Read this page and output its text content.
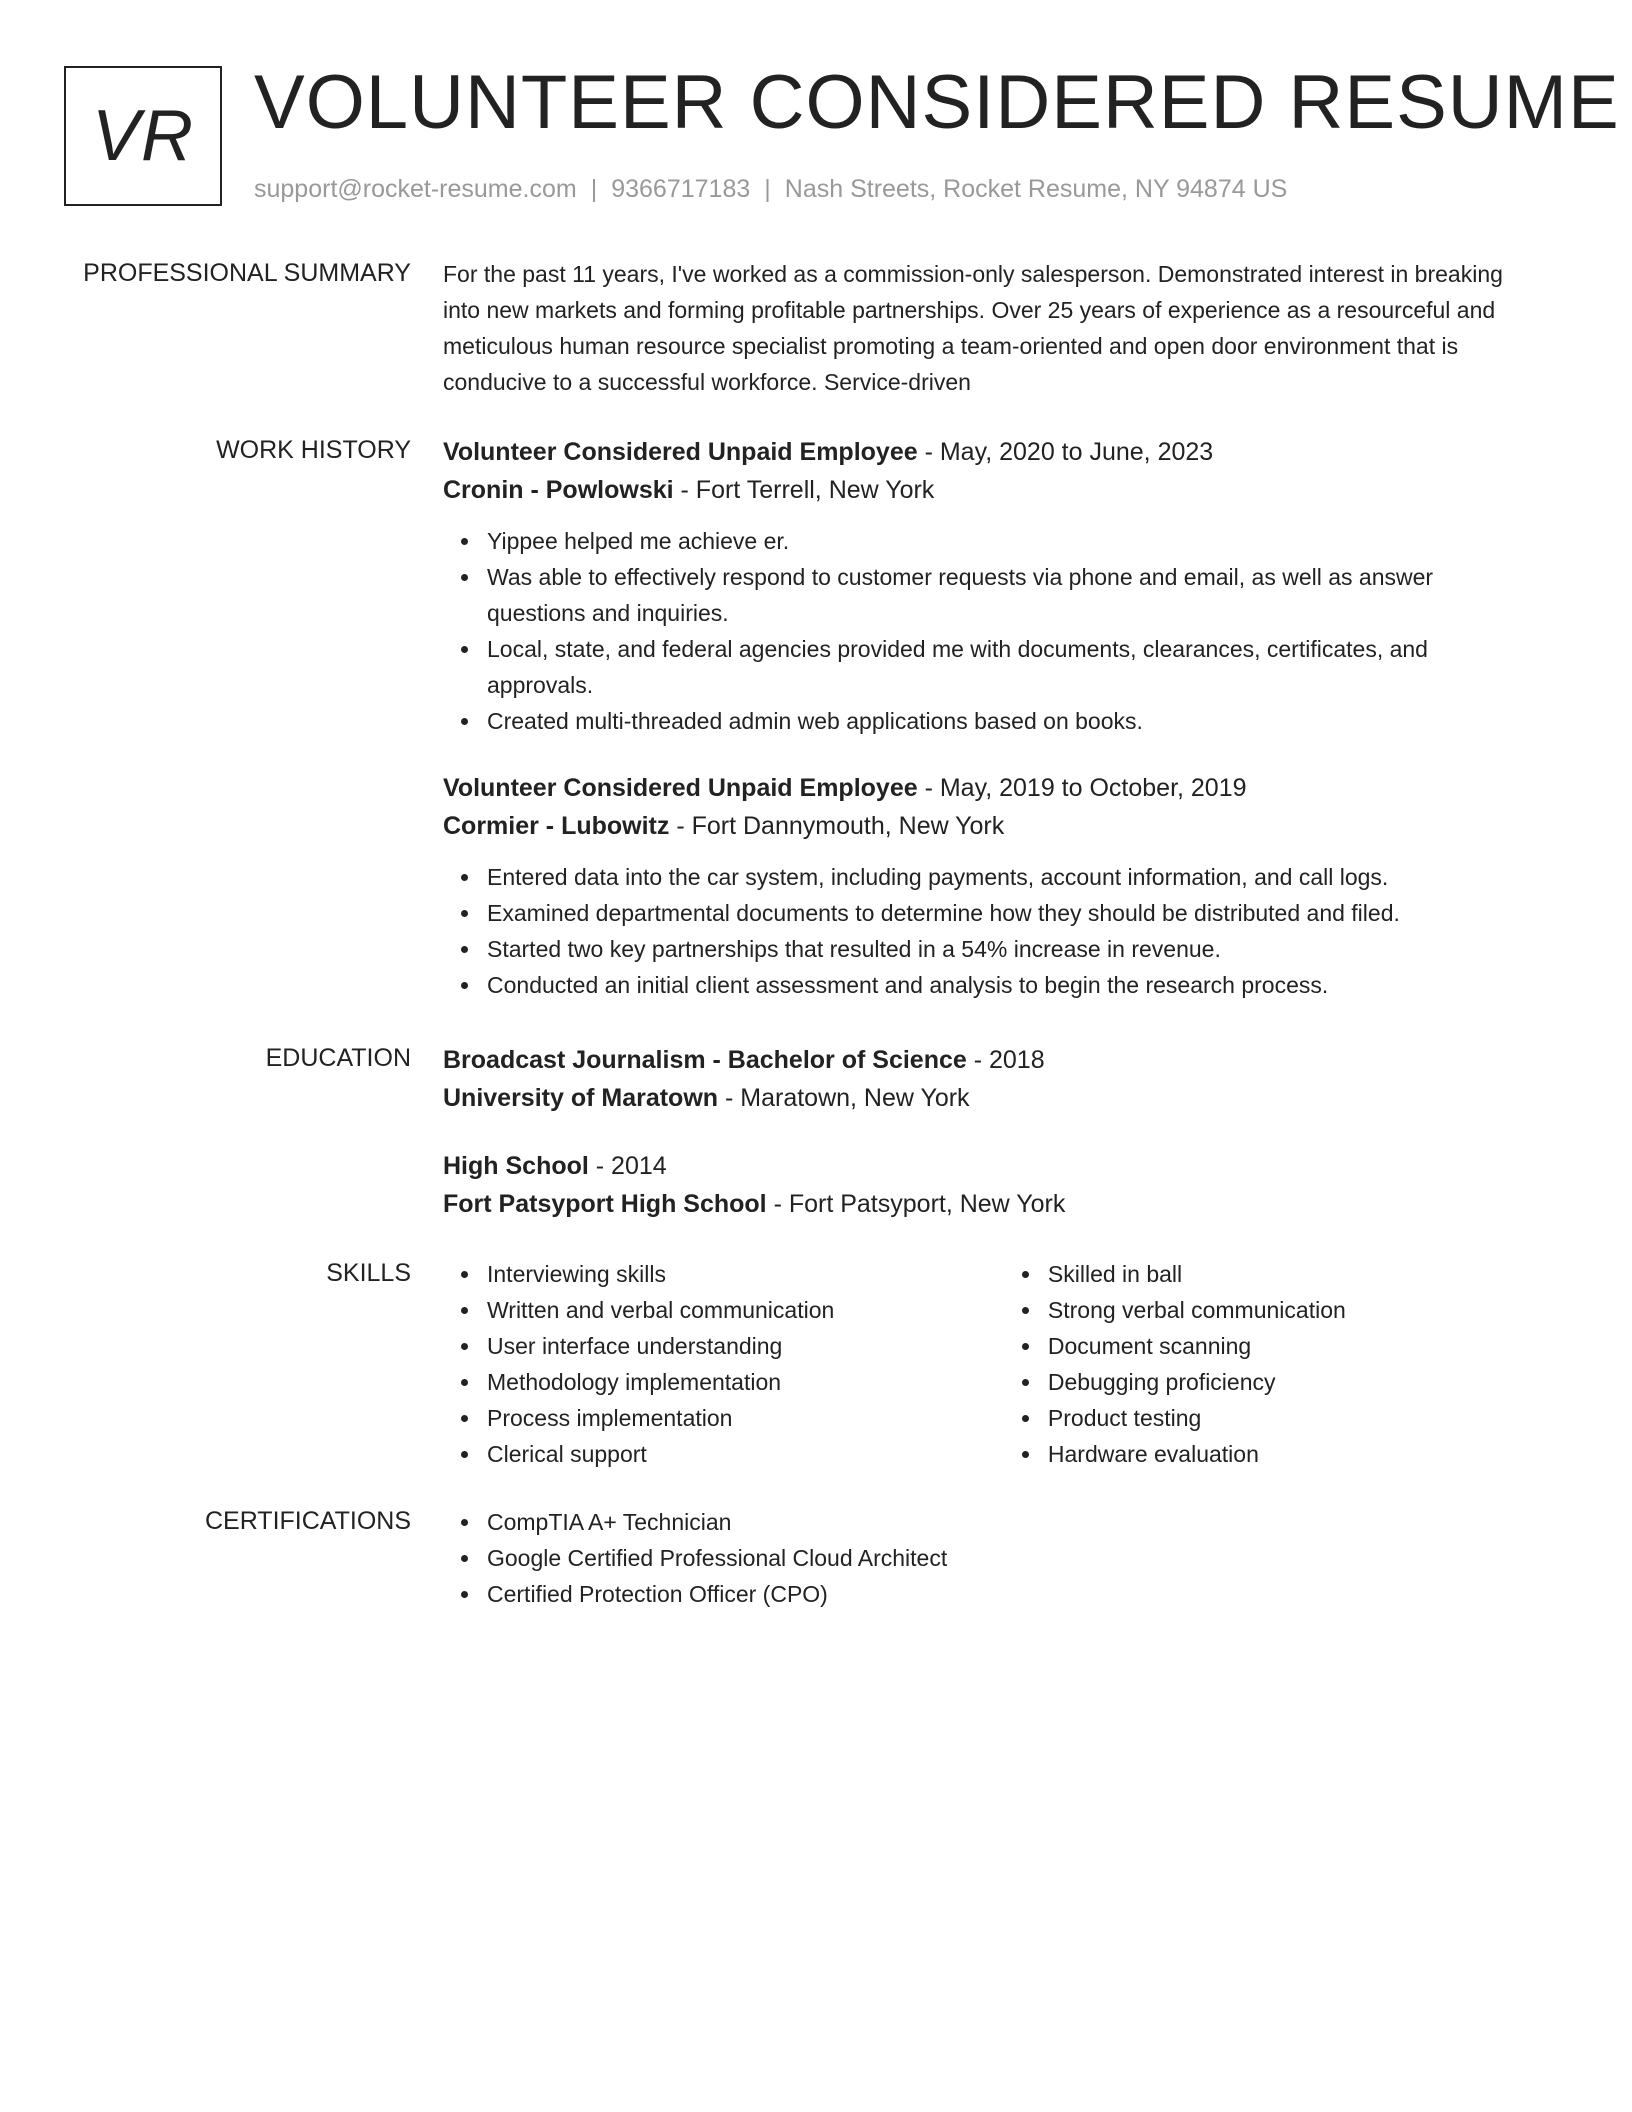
VR VOLUNTEER CONSIDERED RESUME
support@rocket-resume.com | 9366717183 | Nash Streets, Rocket Resume, NY 94874 US
PROFESSIONAL SUMMARY For the past 11 years, I've worked as a commission-only salesperson. Demonstrated interest in breaking into new markets and forming profitable partnerships. Over 25 years of experience as a resourceful and meticulous human resource specialist promoting a team-oriented and open door environment that is conducive to a successful workforce. Service-driven

WORK HISTORY Volunteer Considered Unpaid Employee - May, 2020 to June, 2023
Cronin - Powlowski - Fort Terrell, New York
Yippee helped me achieve er.
Was able to effectively respond to customer requests via phone and email, as well as answer questions and inquiries.
Local, state, and federal agencies provided me with documents, clearances, certificates, and approvals.
Created multi-threaded admin web applications based on books.
Volunteer Considered Unpaid Employee - May, 2019 to October, 2019
Cormier - Lubowitz - Fort Dannymouth, New York
Entered data into the car system, including payments, account information, and call logs.
Examined departmental documents to determine how they should be distributed and filed.
Started two key partnerships that resulted in a 54% increase in revenue.
Conducted an initial client assessment and analysis to begin the research process.
EDUCATION Broadcast Journalism - Bachelor of Science - 2018
University of Maratown - Maratown, New York
High School - 2014
Fort Patsyport High School - Fort Patsyport, New York
SKILLS	Interviewing skills
Written and verbal communication
User interface understanding
Methodology implementation
Process implementation
Clerical support
Skilled in ball
Strong verbal communication
Document scanning
Debugging proficiency
Product testing
Hardware evaluation
CERTIFICATIONS	CompTIA A+ Technician
Google Certified Professional Cloud Architect
Certified Protection Officer (CPO)
